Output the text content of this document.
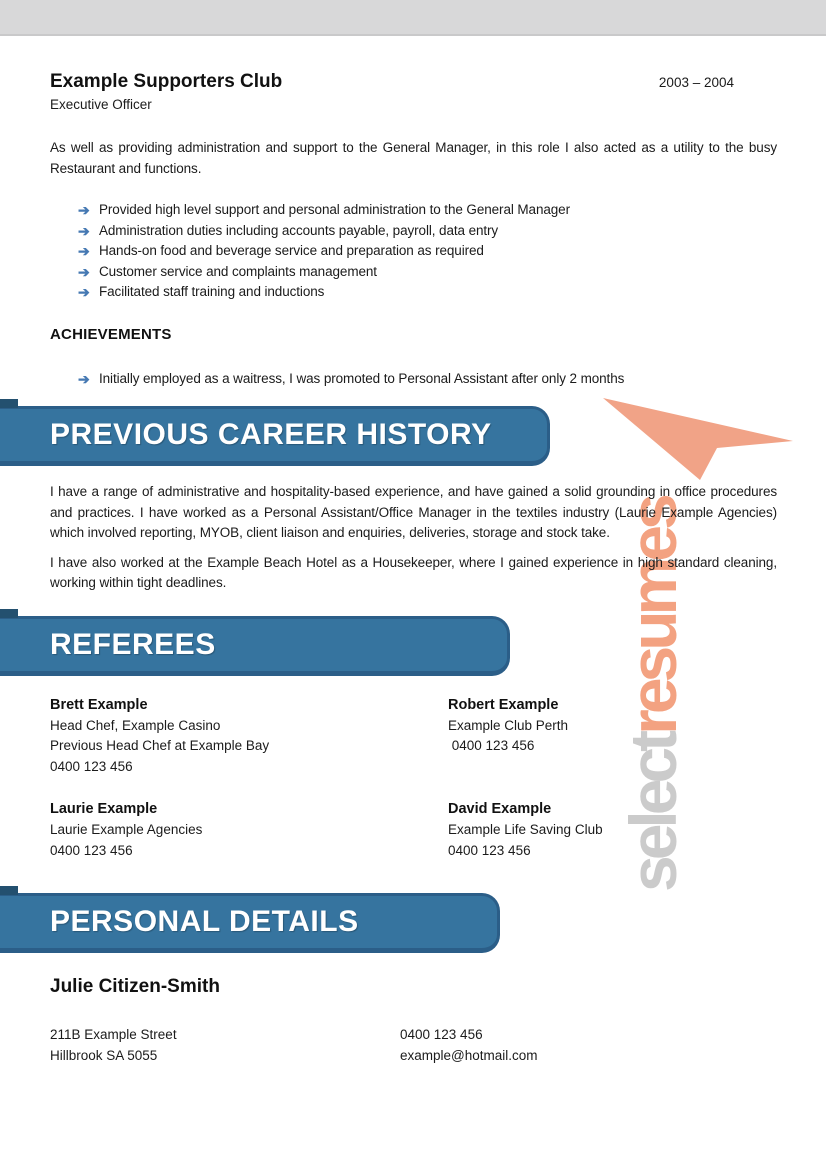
selectresumes
Example Supporters Club	2003 – 2004
Executive Officer
As well as providing administration and support to the General Manager, in this role I also acted as a utility to the busy Restaurant and functions.
➔ Provided high level support and personal administration to the General Manager
➔ Administration duties including accounts payable, payroll, data entry
➔ Hands-on food and beverage service and preparation as required
➔ Customer service and complaints management
➔ Facilitated staff training and inductions
ACHIEVEMENTS
➔ Initially employed as a waitress, I was promoted to Personal Assistant after only 2 months
PREVIOUS CAREER HISTORY
I have a range of administrative and hospitality-based experience, and have gained a solid grounding in office procedures and practices. I have worked as a Personal Assistant/Office Manager in the textiles industry (Laurie Example Agencies) which involved reporting, MYOB, client liaison and enquiries, deliveries, storage and stock take.
I have also worked at the Example Beach Hotel as a Housekeeper, where I gained experience in high standard cleaning, working within tight deadlines.
REFEREES
Brett Example
Head Chef, Example Casino
Previous Head Chef at Example Bay
0400 123 456
Robert Example
Example Club Perth
0400 123 456
Laurie Example
Laurie Example Agencies
0400 123 456
David Example
Example Life Saving Club
0400 123 456
PERSONAL DETAILS
Julie Citizen-Smith
211B Example Street
Hillbrook SA 5055
0400 123 456
example@hotmail.com
